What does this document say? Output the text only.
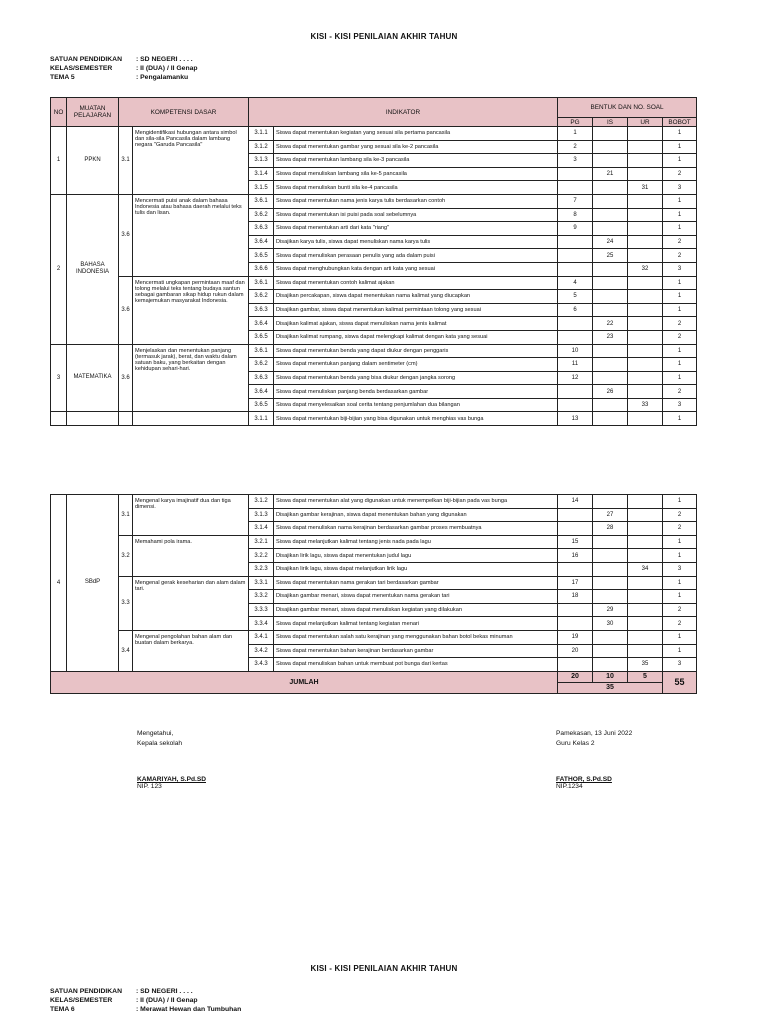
KISI - KISI PENILAIAN AKHIR TAHUN
SATUAN PENDIDIKAN	: SD NEGERI . . . .
KELAS/SEMESTER	: II (DUA) / II Genap
TEMA 5	: Pengalamanku
NO	MUATAN PELAJARAN	KOMPETENSI DASAR		INDIKATOR		BENTUK DAN NO. SOAL			
						PG	IS	UR	BOBOT
1	PPKN	3.1	Mengidentifikasi hubungan antara simbol dan sila-sila Pancasila dalam lambang negara "Garuda Pancasila"	3.1.1	Siswa dapat menentukan kegiatan yang sesuai sila pertama pancasila	1			1
				3.1.2	Siswa dapat menentukan gambar yang sesuai sila ke-2 pancasila	2			1
				3.1.3	Siswa dapat menentukan lambang sila ke-3 pancasila	3			1
				3.1.4	Siswa dapat menuliskan lambang sila ke-5 pancasila		21		2
				3.1.5	Siswa dapat menuliskan bunti sila ke-4 pancasila			31	3
2	BAHASA INDONESIA	3.6	Mencermati puisi anak dalam bahasa Indonesia atau bahasa daerah melalui teks tulis dan lisan.	3.6.1	Siswa dapat menentukan nama jenis karya tulis berdasarkan contoh	7			1
				3.6.2	Siswa dapat menentukan isi puisi pada soal sebelumnya	8			1
				3.6.3	Siswa dapat menentukan arti dari kata "riang"	9			1
				3.6.4	Disajikan karya tulis, siswa dapat menuliskan nama karya tulis		24		2
				3.6.5	Siswa dapat menuliskan perasaan penulis yang ada dalam puisi		25		2
				3.6.6	Siswa dapat menghubungkan kata dengan arti kata yang sesuai			32	3
		3.6	Mencermati ungkapan permintaan maaf dan tolong melalui teks tentang budaya santun sebagai gambaran sikap hidup rukun dalam kemajemukan masyarakat Indonesia.	3.6.1	Siswa dapat menentukan contoh kalimat ajakan	4			1
				3.6.2	Disajikan percakapan, siswa dapat menentukan nama kalimat yang diucapkan	5			1
				3.6.3	Disajikan gambar, siswa dapat menentukan kalimat permintaan tolong yang sesuai	6			1
				3.6.4	Disajikan kalimat ajakan, siswa dapat menuliskan nama jenis kalimat		22		2
				3.6.5	Disajikan kalimat rumpang, siswa dapat melengkapi kalimat dengan kata yang sesuai		23		2
3	MATEMATIKA	3.6	Menjelaskan dan menentukan panjang (termasuk jarak), berat, dan waktu dalam satuan baku, yang berkaitan dengan kehidupan sehari-hari.	3.6.1	Siswa dapat menentukan benda yang dapat diukur dengan penggaris	10			1
				3.6.2	Siswa dapat menentukan panjang dalam sentimeter (cm)	11			1
				3.6.3	Siswa dapat menentukan benda yang bisa diukur dengan jangka sorong	12			1
				3.6.4	Siswa dapat menuliskan panjang benda berdasarkan gambar		26		2
				3.6.5	Siswa dapat menyelesaikan soal cerita tentang penjumlahan dua bilangan			33	3
				3.1.1	Siswa dapat menentukan biji-bijian yang bisa digunakan untuk menghias vas bunga	13			1
4	SBdP	3.1	Mengenal karya imajinatif dua dan tiga dimensi.	3.1.2	Siswa dapat menentukan alat yang digunakan untuk menempelkan biji-bijian pada vas bunga	14			1
				3.1.3	Disajikan gambar kerajinan, siswa dapat menentukan bahan yang digunakan		27		2
				3.1.4	Siswa dapat menuliskan nama kerajinan berdasarkan gambar proses membuatnya		28		2
		3.2	Memahami pola irama.	3.2.1	Siswa dapat melanjutkan kalimat tentang jenis nada pada lagu	15			1
				3.2.2	Disajikan lirik lagu, siswa dapat menentukan judul lagu	16			1
				3.2.3	Disajikan lirik lagu, siswa dapat melanjutkan lirik lagu			34	3
		3.3	Mengenal gerak keseharian dan alam dalam tari.	3.3.1	Siswa dapat menentukan nama gerakan tari berdasarkan gambar	17			1
				3.3.2	Disajikan gambar menari, siswa dapat menentukan nama gerakan tari	18			1
				3.3.3	Disajikan gambar menari, siswa dapat menuliskan kegiatan yang dilakukan		29		2
				3.3.4	Siswa dapat melanjutkan kalimat tentang kegiatan menari		30		2
		3.4	Mengenal pengolahan bahan alam dan buatan dalam berkarya.	3.4.1	Siswa dapat menentukan salah satu kerajinan yang menggunakan bahan botol bekas minuman	19			1
				3.4.2	Siswa dapat menentukan bahan kerajinan berdasarkan gambar	20			1
				3.4.3	Siswa dapat menuliskan bahan untuk membuat pot bunga dari kertas			35	3
JUMLAH						20	10	5	55
						35			
Mengetahui,
Kepala sekolah
KAMARIYAH, S.Pd.SD
NIP. 123
Pamekasan, 13 Juni 2022
Guru Kelas 2
FATHOR, S.Pd.SD
NIP.1234
KISI - KISI PENILAIAN AKHIR TAHUN
SATUAN PENDIDIKAN	: SD NEGERI . . . .
KELAS/SEMESTER	: II (DUA) / II Genap
TEMA 6	: Merawat Hewan dan Tumbuhan
